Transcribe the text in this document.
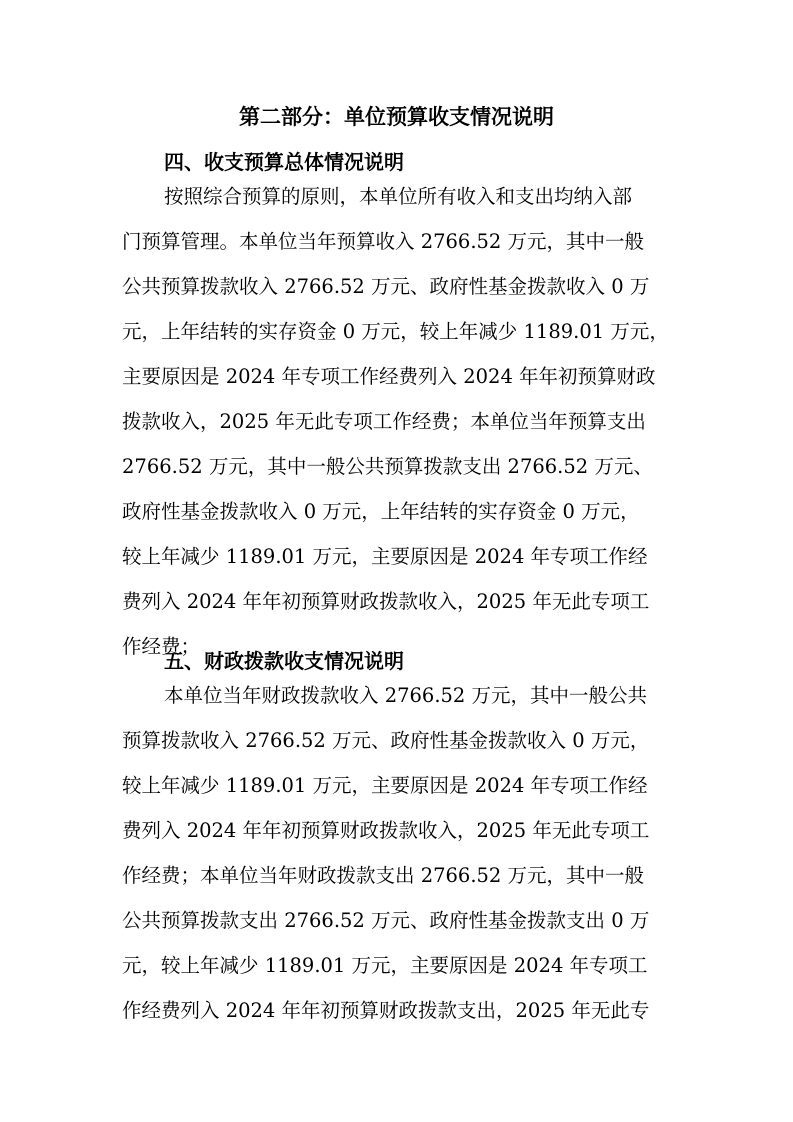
第二部分：单位预算收支情况说明
四、收支预算总体情况说明
按照综合预算的原则，本单位所有收入和支出均纳入部
门预算管理。本单位当年预算收入 2766.52 万元，其中一般
公共预算拨款收入 2766.52 万元、政府性基金拨款收入 0 万
元，上年结转的实存资金 0 万元，较上年减少 1189.01 万元，
主要原因是 2024 年专项工作经费列入 2024 年年初预算财政
拨款收入，2025 年无此专项工作经费；本单位当年预算支出
2766.52 万元，其中一般公共预算拨款支出 2766.52 万元、
政府性基金拨款收入 0 万元，上年结转的实存资金 0 万元，
较上年减少 1189.01 万元，主要原因是 2024 年专项工作经
费列入 2024 年年初预算财政拨款收入，2025 年无此专项工
作经费；
五、财政拨款收支情况说明
本单位当年财政拨款收入 2766.52 万元，其中一般公共
预算拨款收入 2766.52 万元、政府性基金拨款收入 0 万元，
较上年减少 1189.01 万元，主要原因是 2024 年专项工作经
费列入 2024 年年初预算财政拨款收入，2025 年无此专项工
作经费；本单位当年财政拨款支出 2766.52 万元，其中一般
公共预算拨款支出 2766.52 万元、政府性基金拨款支出 0 万
元，较上年减少 1189.01 万元，主要原因是 2024 年专项工
作经费列入 2024 年年初预算财政拨款支出，2025 年无此专
